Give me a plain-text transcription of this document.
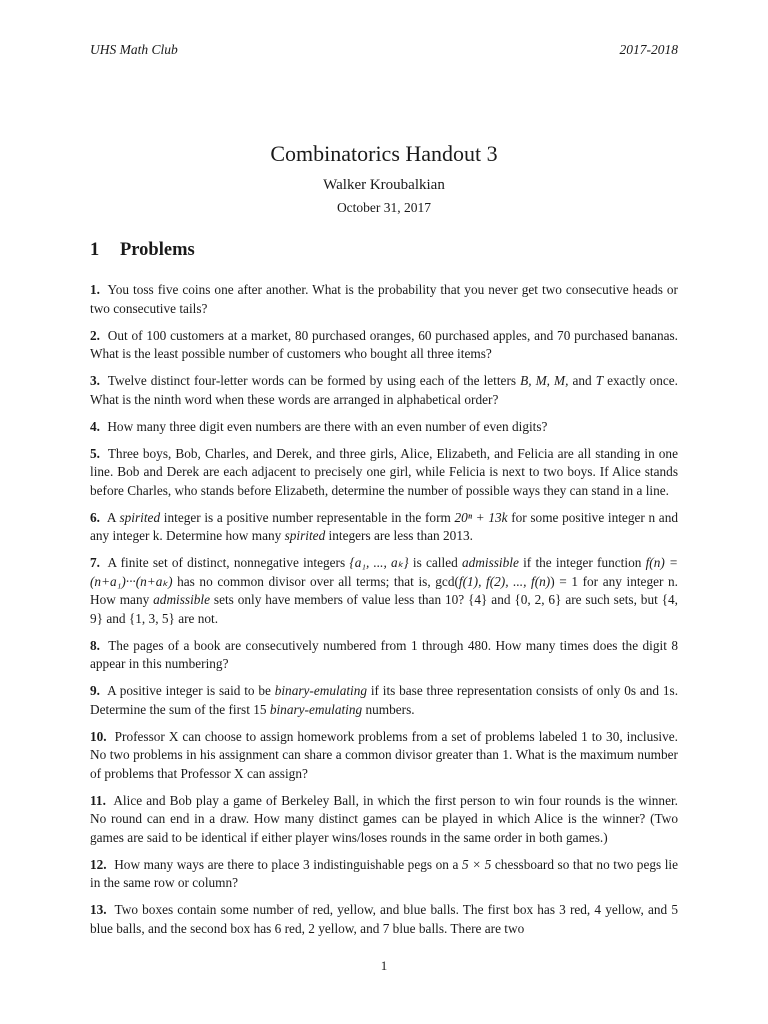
UHS Math Club	2017-2018
Combinatorics Handout 3
Walker Kroubalkian
October 31, 2017
1 Problems

1. You toss five coins one after another. What is the probability that you never get two consecutive heads or two consecutive tails?

2. Out of 100 customers at a market, 80 purchased oranges, 60 purchased apples, and 70 purchased bananas. What is the least possible number of customers who bought all three items?

3. Twelve distinct four-letter words can be formed by using each of the letters B, M, M, and T exactly once. What is the ninth word when these words are arranged in alphabetical order?

4. How many three digit even numbers are there with an even number of even digits?

5. Three boys, Bob, Charles, and Derek, and three girls, Alice, Elizabeth, and Felicia are all standing in one line. Bob and Derek are each adjacent to precisely one girl, while Felicia is next to two boys. If Alice stands before Charles, who stands before Elizabeth, determine the number of possible ways they can stand in a line.

6. A spirited integer is a positive number representable in the form 20ⁿ + 13k for some positive integer n and any integer k. Determine how many spirited integers are less than 2013.

7. A finite set of distinct, nonnegative integers {a₁, ..., aₖ} is called admissible if the integer function f(n) = (n+a₁)···(n+aₖ) has no common divisor over all terms; that is, gcd(f(1), f(2), ..., f(n)) = 1 for any integer n. How many admissible sets only have members of value less than 10? {4} and {0, 2, 6} are such sets, but {4, 9} and {1, 3, 5} are not.

8. The pages of a book are consecutively numbered from 1 through 480. How many times does the digit 8 appear in this numbering?

9. A positive integer is said to be binary-emulating if its base three representation consists of only 0s and 1s. Determine the sum of the first 15 binary-emulating numbers.

10. Professor X can choose to assign homework problems from a set of problems labeled 1 to 30, inclusive. No two problems in his assignment can share a common divisor greater than 1. What is the maximum number of problems that Professor X can assign?

11. Alice and Bob play a game of Berkeley Ball, in which the first person to win four rounds is the winner. No round can end in a draw. How many distinct games can be played in which Alice is the winner? (Two games are said to be identical if either player wins/loses rounds in the same order in both games.)

12. How many ways are there to place 3 indistinguishable pegs on a 5 × 5 chessboard so that no two pegs lie in the same row or column?

13. Two boxes contain some number of red, yellow, and blue balls. The first box has 3 red, 4 yellow, and 5 blue balls, and the second box has 6 red, 2 yellow, and 7 blue balls. There are two

1
